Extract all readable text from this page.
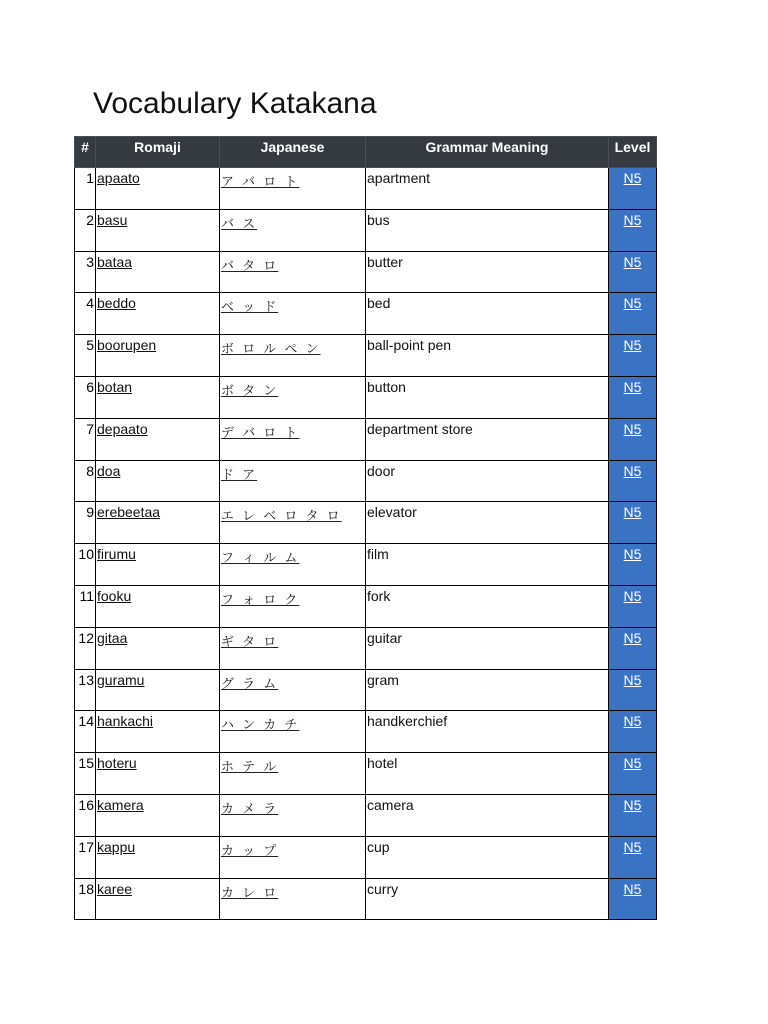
Vocabulary Katakana
#	Romaji	Japanese	Grammar Meaning	Level
1	apaato	ア バ ロ ト	apartment	N5
2	basu	バ ス	bus	N5
3	bataa	バ タ ロ	butter	N5
4	beddo	ベ ッ ド	bed	N5
5	boorupen	ボ ロ ル ペ ン	ball-point pen	N5
6	botan	ボ タ ン	button	N5
7	depaato	デ バ ロ ト	department store	N5
8	doa	ド ア	door	N5
9	erebeetaa	エ レ ベ ロ タ ロ	elevator	N5
10	firumu	フ ィ ル ム	film	N5
11	fooku	フ ォ ロ ク	fork	N5
12	gitaa	ギ タ ロ	guitar	N5
13	guramu	グ ラ ム	gram	N5
14	hankachi	ハ ン カ チ	handkerchief	N5
15	hoteru	ホ テ ル	hotel	N5
16	kamera	カ メ ラ	camera	N5
17	kappu	カ ッ プ	cup	N5
18	karee	カ レ ロ	curry	N5
